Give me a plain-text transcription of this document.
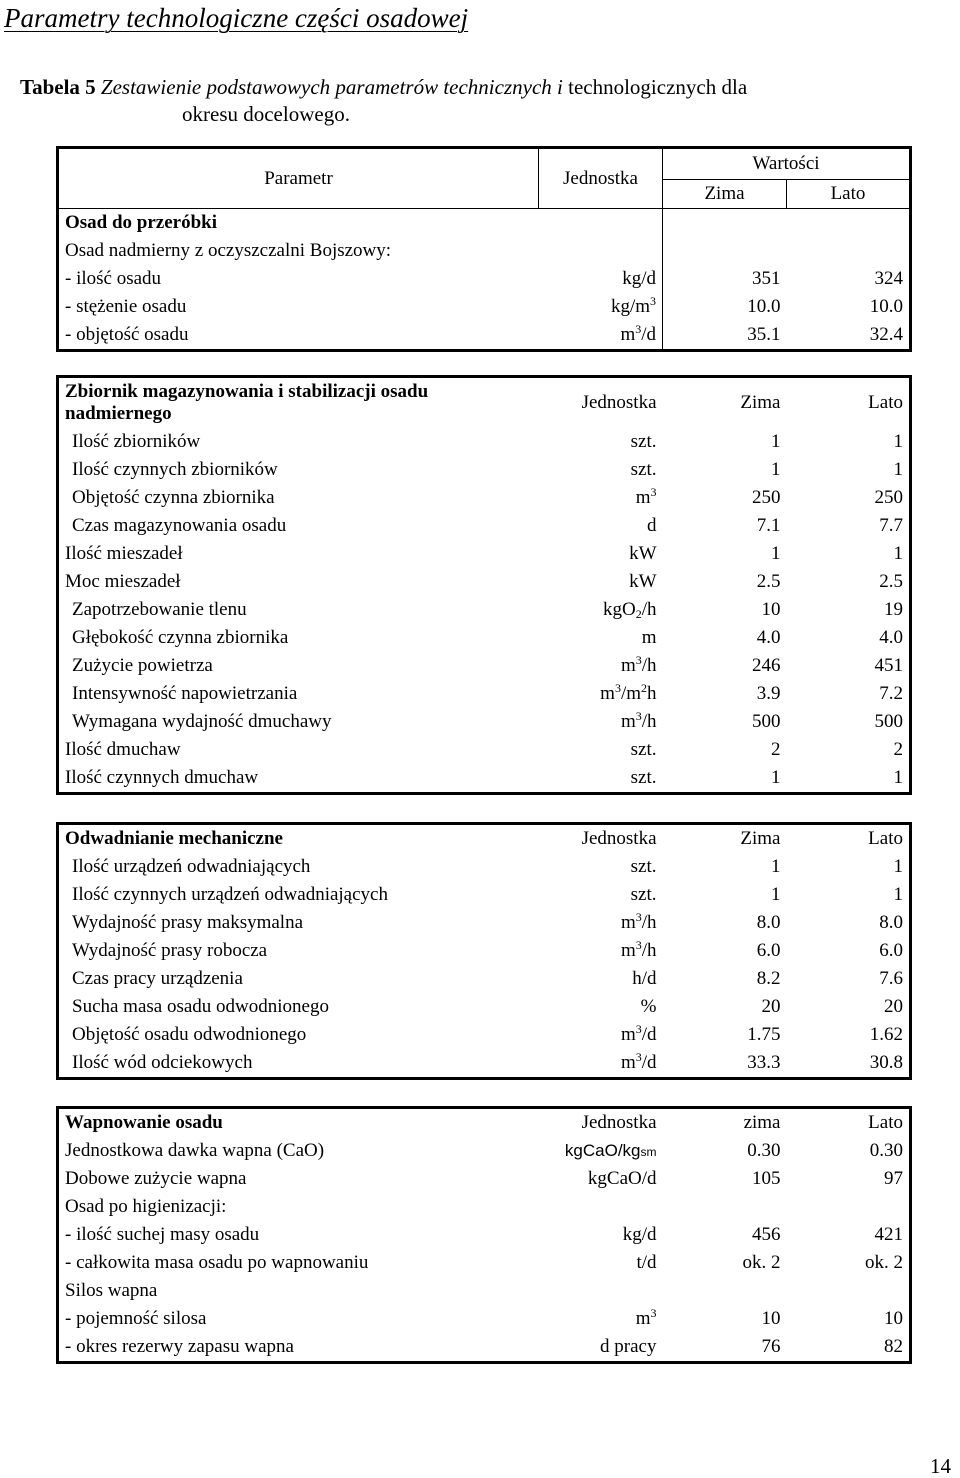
Parametry technologiczne części osadowej
Tabela 5 Zestawienie podstawowych parametrów technicznych i technologicznych dla
okresu docelowego.
Parametr	Jednostka	Wartości	
		Zima	Lato
Osad do przeróbki			
Osad nadmierny z oczyszczalni Bojszowy:			
- ilość osadu	kg/d	351	324
- stężenie osadu	$kg/m^3$	10.0	10.0
- objętość osadu	$m^3/d$	35.1	32.4
Zbiornik magazynowania i stabilizacji osadu
nadmiernego	Jednostka	Zima	Lato
Ilość zbiorników	szt.	1	1
Ilość czynnych zbiorników	szt.	1	1
Objętość czynna zbiornika	$m^3$	250	250
Czas magazynowania osadu	d	7.1	7.7
Ilość mieszadeł	kW	1	1
Moc mieszadeł	kW	2.5	2.5
Zapotrzebowanie tlenu	kgO$_2$/h	10	19
Głębokość czynna zbiornika	m	4.0	4.0
Zużycie powietrza	$m^3/h$	246	451
Intensywność napowietrzania	$m^3/m^2h$	3.9	7.2
Wymagana wydajność dmuchawy	$m^3/h$	500	500
Ilość dmuchaw	szt.	2	2
Ilość czynnych dmuchaw	szt.	1	1
Odwadnianie mechaniczne	Jednostka	Zima	Lato
Ilość urządzeń odwadniających	szt.	1	1
Ilość czynnych urządzeń odwadniających	szt.	1	1
Wydajność prasy maksymalna	$m^3/h$	8.0	8.0
Wydajność prasy robocza	$m^3/h$	6.0	6.0
Czas pracy urządzenia	h/d	8.2	7.6
Sucha masa osadu odwodnionego	%	20	20
Objętość osadu odwodnionego	$m^3/d$	1.75	1.62
Ilość wód odciekowych	$m^3/d$	33.3	30.8
Wapnowanie osadu	Jednostka	zima	Lato
Jednostkowa dawka wapna (CaO)	kgCaO/kgsm	0.30	0.30
Dobowe zużycie wapna	kgCaO/d	105	97
Osad po higienizacji:			
- ilość suchej masy osadu	kg/d	456	421
- całkowita masa osadu po wapnowaniu	t/d	ok. 2	ok. 2
Silos wapna			
- pojemność silosa	$m^3$	10	10
- okres rezerwy zapasu wapna	d pracy	76	82
14
